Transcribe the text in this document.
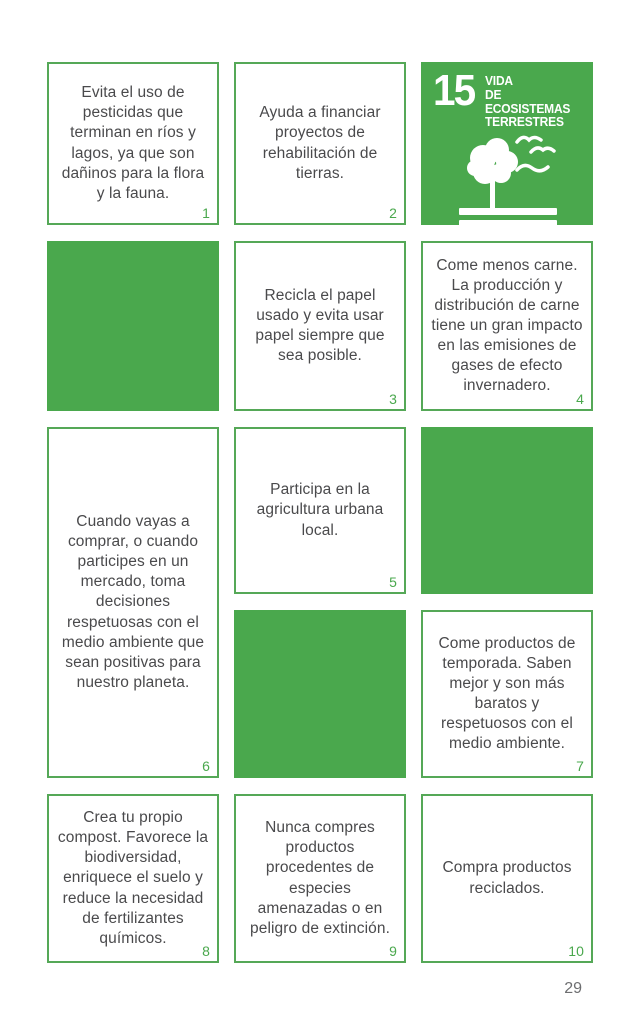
Evita el uso de pesticidas que terminan en ríos y lagos, ya que son dañinos para la flora y la fauna.
1
Ayuda a financiar proyectos de rehabilitación de tierras.
2
15 VIDA
DE ECOSISTEMAS
TERRESTRES
Recicla el papel usado y evita usar papel siempre que sea posible.
3
Come menos carne. La producción y distribución de carne tiene un gran impacto en las emisiones de gases de efecto invernadero.
4
Cuando vayas a comprar, o cuando participes en un mercado, toma decisiones respetuosas con el medio ambiente que sean positivas para nuestro planeta.
6
Participa en la agricultura urbana local.
5
Come productos de temporada. Saben mejor y son más baratos y respetuosos con el medio ambiente.
7
Crea tu propio compost. Favorece la biodiversidad, enriquece el suelo y reduce la necesidad de fertilizantes químicos.
8
Nunca compres productos procedentes de especies amenazadas o en peligro de extinción.
9
Compra productos reciclados.
10
29
